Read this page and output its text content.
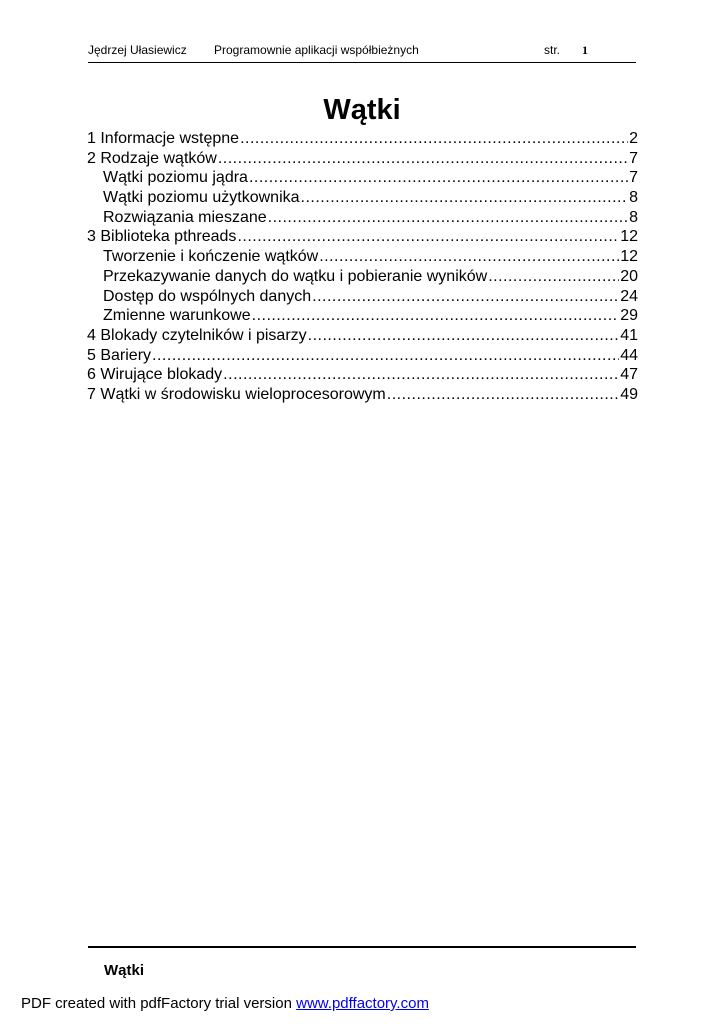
Jędrzej Ułasiewicz Programownie aplikacji współbieżnych	str. 1
Wątki
1 Informacje wstępne .....	2
2 Rodzaje wątków .....	7
Wątki poziomu jądra .....	7
Wątki poziomu użytkownika .....	8
Rozwiązania mieszane .....	8
3 Biblioteka pthreads .....	12
Tworzenie i kończenie wątków .....	12
Przekazywanie danych do wątku i pobieranie wyników .....	20
Dostęp do wspólnych danych .....	24
Zmienne warunkowe .....	29
4 Blokady czytelników i pisarzy .....	41
5 Bariery .....	44
6 Wirujące blokady .....	47
7 Wątki w środowisku wieloprocesorowym .....	49
Wątki
PDF created with pdfFactory trial version www.pdffactory.com
